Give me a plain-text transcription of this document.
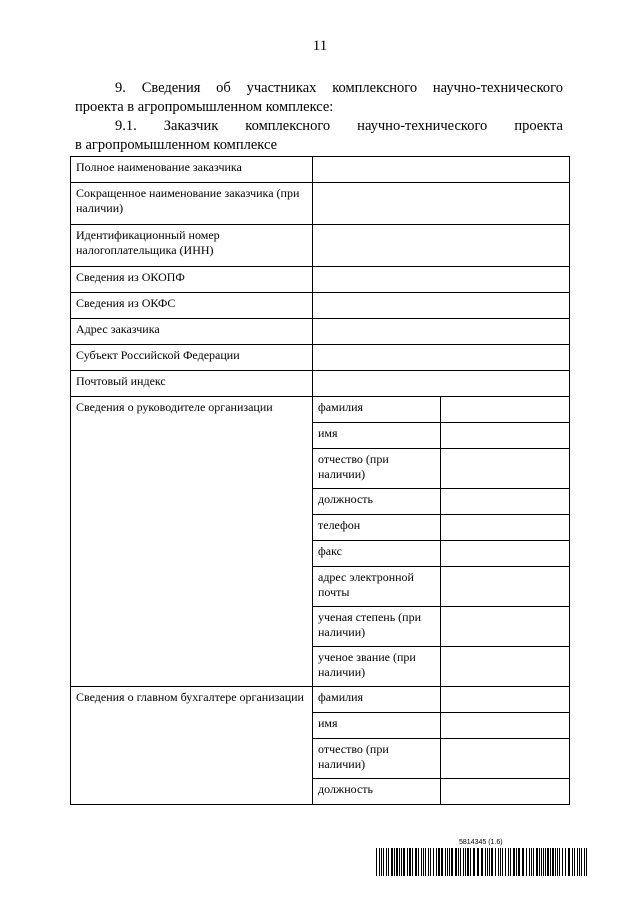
11
9. Сведения об участниках комплексного научно-технического
проекта в агропромышленном комплексе:
9.1. Заказчик комплексного научно-технического проекта
в агропромышленном комплексе
Полное наименование заказчика		
Сокращенное наименование заказчика (при наличии)		
Идентификационный номер налогоплательщика (ИНН)		
Сведения из ОКОПФ		
Сведения из ОКФС		
Адрес заказчика		
Субъект Российской Федерации		
Почтовый индекс		
Сведения о руководителе организации	фамилия	
	имя	
	отчество (при наличии)	
	должность	
	телефон	
	факс	
	адрес электронной почты	
	ученая степень (при наличии)	
	ученое звание (при наличии)	
Сведения о главном бухгалтере организации	фамилия	
	имя	
	отчество (при наличии)	
	должность	
5814345 (1.6)
